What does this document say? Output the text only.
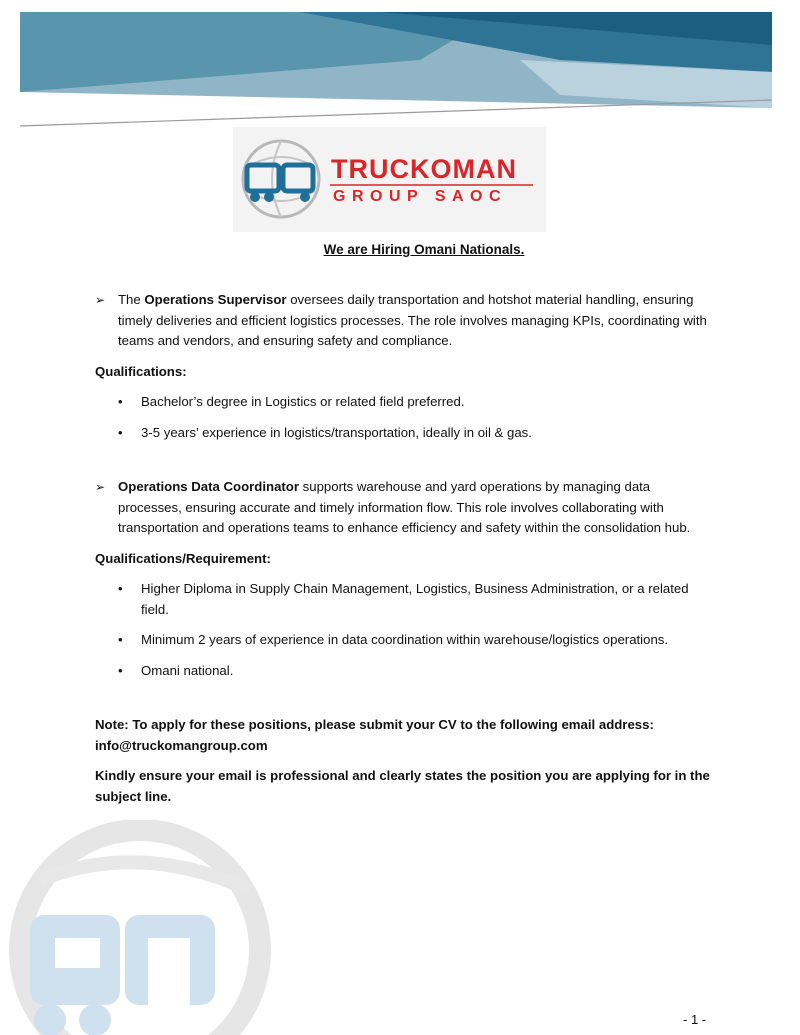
TRUCKOMAN
GROUP SAOC
We are Hiring Omani Nationals.

➢ The Operations Supervisor oversees daily transportation and hotshot material handling, ensuring timely deliveries and efficient logistics processes. The role involves managing KPIs, coordinating with teams and vendors, and ensuring safety and compliance.

Qualifications:

• Bachelor’s degree in Logistics or related field preferred.
• 3-5 years’ experience in logistics/transportation, ideally in oil & gas.

➢ Operations Data Coordinator supports warehouse and yard operations by managing data processes, ensuring accurate and timely information flow. This role involves collaborating with transportation and operations teams to enhance efficiency and safety within the consolidation hub.

Qualifications/Requirement:

• Higher Diploma in Supply Chain Management, Logistics, Business Administration, or a related field.
• Minimum 2 years of experience in data coordination within warehouse/logistics operations.
• Omani national.

Note: To apply for these positions, please submit your CV to the following email address:
info@truckomangroup.com

Kindly ensure your email is professional and clearly states the position you are applying for in the subject line.

- 1 -
